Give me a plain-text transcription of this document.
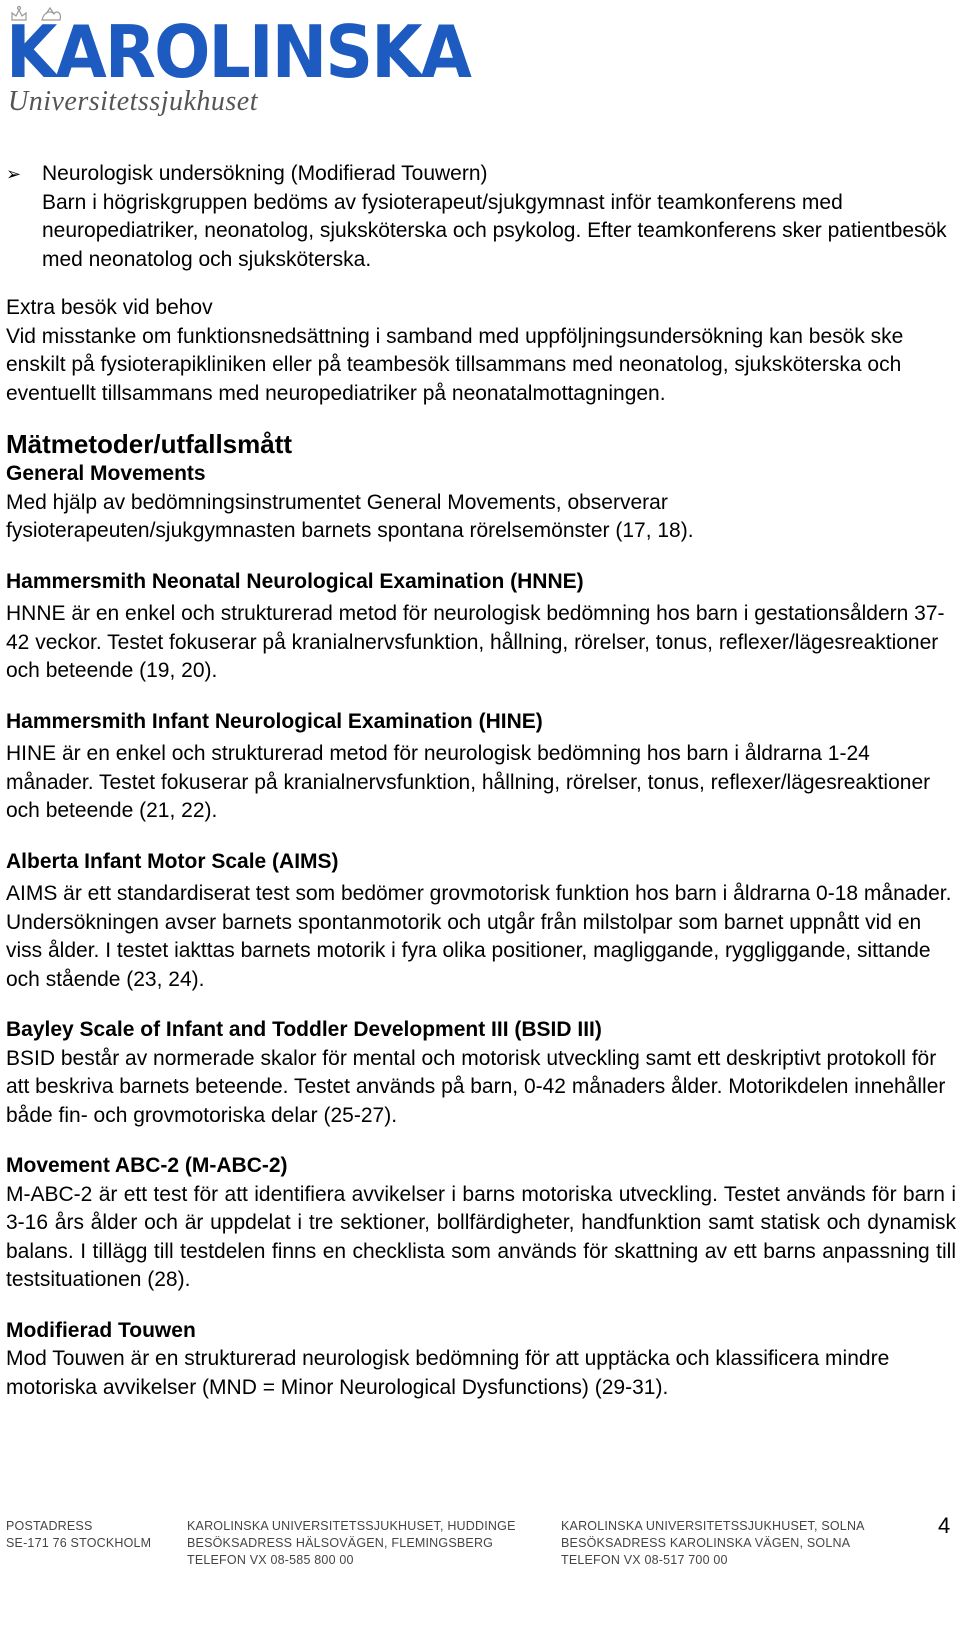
KAROLINSKA
Universitetssjukhuset
➢ Neurologisk undersökning (Modifierad Touwern)

Barn i högriskgruppen bedöms av fysioterapeut/sjukgymnast inför teamkonferens med neuropediatriker, neonatolog, sjuksköterska och psykolog. Efter teamkonferens sker patientbesök med neonatolog och sjuksköterska.

Extra besök vid behov

Vid misstanke om funktionsnedsättning i samband med uppföljningsundersökning kan besök ske enskilt på fysioterapikliniken eller på teambesök tillsammans med neonatolog, sjuksköterska och eventuellt tillsammans med neuropediatriker på neonatalmottagningen.

Mätmetoder/utfallsmått
General Movements

Med hjälp av bedömningsinstrumentet General Movements, observerar fysioterapeuten/sjukgymnasten barnets spontana rörelsemönster (17, 18).

Hammersmith Neonatal Neurological Examination (HNNE)

HNNE är en enkel och strukturerad metod för neurologisk bedömning hos barn i gestationsåldern 37-42 veckor. Testet fokuserar på kranialnervsfunktion, hållning, rörelser, tonus, reflexer/lägesreaktioner och beteende (19, 20).

Hammersmith Infant Neurological Examination (HINE)

HINE är en enkel och strukturerad metod för neurologisk bedömning hos barn i åldrarna 1-24 månader. Testet fokuserar på kranialnervsfunktion, hållning, rörelser, tonus, reflexer/lägesreaktioner och beteende (21, 22).

Alberta Infant Motor Scale (AIMS)

AIMS är ett standardiserat test som bedömer grovmotorisk funktion hos barn i åldrarna 0-18 månader. Undersökningen avser barnets spontanmotorik och utgår från milstolpar som barnet uppnått vid en viss ålder. I testet iakttas barnets motorik i fyra olika positioner, magliggande, ryggliggande, sittande och stående (23, 24).

Bayley Scale of Infant and Toddler Development III (BSID III)

BSID består av normerade skalor för mental och motorisk utveckling samt ett deskriptivt protokoll för att beskriva barnets beteende. Testet används på barn, 0-42 månaders ålder. Motorikdelen innehåller både fin- och grovmotoriska delar (25-27).

Movement ABC-2 (M-ABC-2)

M-ABC-2 är ett test för att identifiera avvikelser i barns motoriska utveckling. Testet används för barn i 3-16 års ålder och är uppdelat i tre sektioner, bollfärdigheter, handfunktion samt statisk och dynamisk balans. I tillägg till testdelen finns en checklista som används för skattning av ett barns anpassning till testsituationen (28).

Modifierad Touwen

Mod Touwen är en strukturerad neurologisk bedömning för att upptäcka och klassificera mindre motoriska avvikelser (MND = Minor Neurological Dysfunctions) (29-31).

POSTADRESS
SE-171 76 STOCKHOLM
KAROLINSKA UNIVERSITETSSJUKHUSET, HUDDINGE
BESÖKSADRESS HÄLSOVÄGEN, FLEMINGSBERG
TELEFON VX 08-585 800 00
KAROLINSKA UNIVERSITETSSJUKHUSET, SOLNA
BESÖKSADRESS KAROLINSKA VÄGEN, SOLNA
TELEFON VX 08-517 700 00
4
